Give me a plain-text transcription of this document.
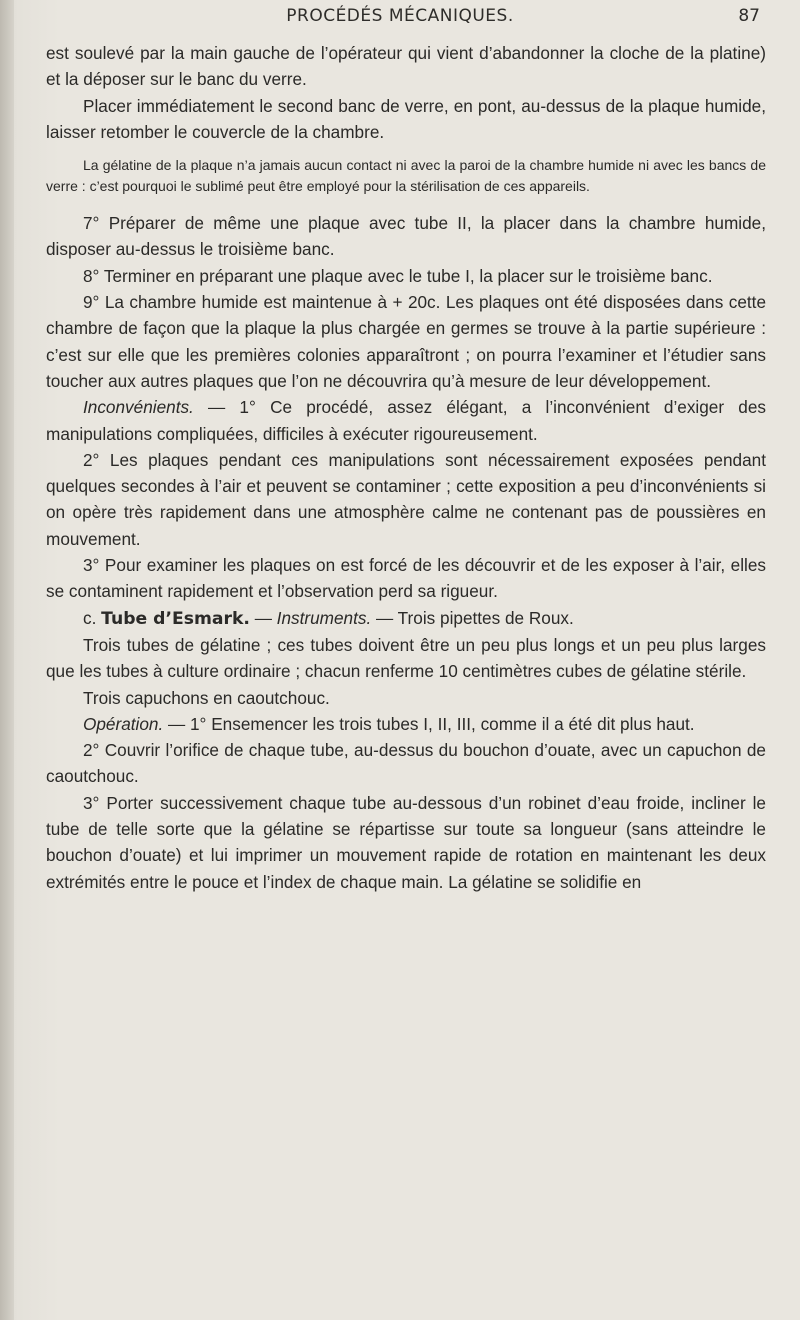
PROCÉDÉS MÉCANIQUES.	87

est soulevé par la main gauche de l’opérateur qui vient d’abandonner la cloche de la platine) et la déposer sur le banc du verre.

Placer immédiatement le second banc de verre, en pont, au-dessus de la plaque humide, laisser retomber le couvercle de la chambre.

La gélatine de la plaque n’a jamais aucun contact ni avec la paroi de la chambre humide ni avec les bancs de verre : c’est pourquoi le sublimé peut être employé pour la stérilisation de ces appareils.

7° Préparer de même une plaque avec tube II, la placer dans la chambre humide, disposer au-dessus le troisième banc.

8° Terminer en préparant une plaque avec le tube I, la placer sur le troisième banc.

9° La chambre humide est maintenue à + 20c. Les plaques ont été disposées dans cette chambre de façon que la plaque la plus chargée en germes se trouve à la partie supérieure : c’est sur elle que les premières colonies apparaîtront ; on pourra l’examiner et l’étudier sans toucher aux autres plaques que l’on ne découvrira qu’à mesure de leur développement.

Inconvénients. — 1° Ce procédé, assez élégant, a l’inconvénient d’exiger des manipulations compliquées, difficiles à exécuter rigoureusement.

2° Les plaques pendant ces manipulations sont nécessairement exposées pendant quelques secondes à l’air et peuvent se contaminer ; cette exposition a peu d’inconvénients si on opère très rapidement dans une atmosphère calme ne contenant pas de poussières en mouvement.

3° Pour examiner les plaques on est forcé de les découvrir et de les exposer à l’air, elles se contaminent rapidement et l’observation perd sa rigueur.

c. Tube d’Esmark. — Instruments. — Trois pipettes de Roux.

Trois tubes de gélatine ; ces tubes doivent être un peu plus longs et un peu plus larges que les tubes à culture ordinaire ; chacun renferme 10 centimètres cubes de gélatine stérile.

Trois capuchons en caoutchouc.

Opération. — 1° Ensemencer les trois tubes I, II, III, comme il a été dit plus haut.

2° Couvrir l’orifice de chaque tube, au-dessus du bouchon d’ouate, avec un capuchon de caoutchouc.

3° Porter successivement chaque tube au-dessous d’un robinet d’eau froide, incliner le tube de telle sorte que la gélatine se répartisse sur toute sa longueur (sans atteindre le bouchon d’ouate) et lui imprimer un mouvement rapide de rotation en maintenant les deux extrémités entre le pouce et l’index de chaque main. La gélatine se solidifie en
